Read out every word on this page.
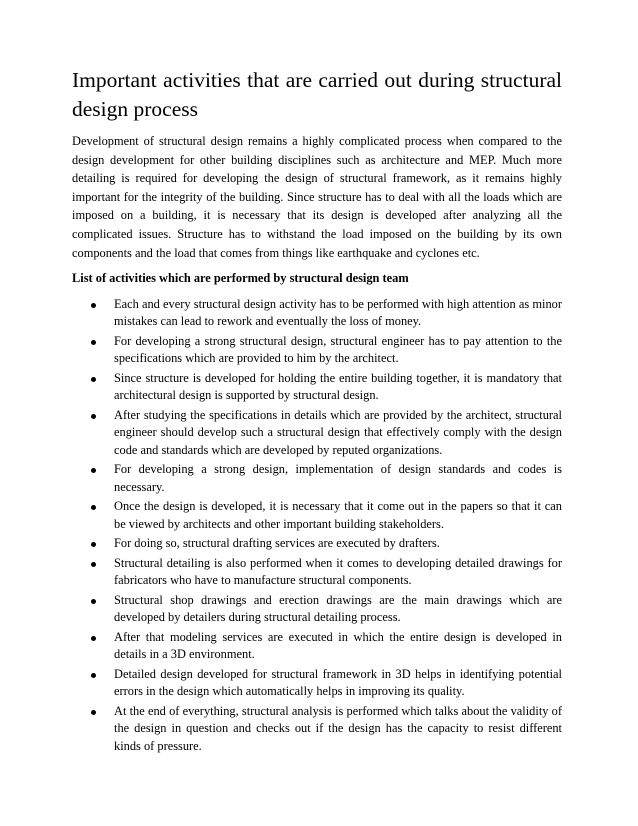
Important activities that are carried out during structural design process

Development of structural design remains a highly complicated process when compared to the design development for other building disciplines such as architecture and MEP. Much more detailing is required for developing the design of structural framework, as it remains highly important for the integrity of the building. Since structure has to deal with all the loads which are imposed on a building, it is necessary that its design is developed after analyzing all the complicated issues. Structure has to withstand the load imposed on the building by its own components and the load that comes from things like earthquake and cyclones etc.

List of activities which are performed by structural design team

Each and every structural design activity has to be performed with high attention as minor mistakes can lead to rework and eventually the loss of money.
For developing a strong structural design, structural engineer has to pay attention to the specifications which are provided to him by the architect.
Since structure is developed for holding the entire building together, it is mandatory that architectural design is supported by structural design.
After studying the specifications in details which are provided by the architect, structural engineer should develop such a structural design that effectively comply with the design code and standards which are developed by reputed organizations.
For developing a strong design, implementation of design standards and codes is necessary.
Once the design is developed, it is necessary that it come out in the papers so that it can be viewed by architects and other important building stakeholders.
For doing so, structural drafting services are executed by drafters.
Structural detailing is also performed when it comes to developing detailed drawings for fabricators who have to manufacture structural components.
Structural shop drawings and erection drawings are the main drawings which are developed by detailers during structural detailing process.
After that modeling services are executed in which the entire design is developed in details in a 3D environment.
Detailed design developed for structural framework in 3D helps in identifying potential errors in the design which automatically helps in improving its quality.
At the end of everything, structural analysis is performed which talks about the validity of the design in question and checks out if the design has the capacity to resist different kinds of pressure.
